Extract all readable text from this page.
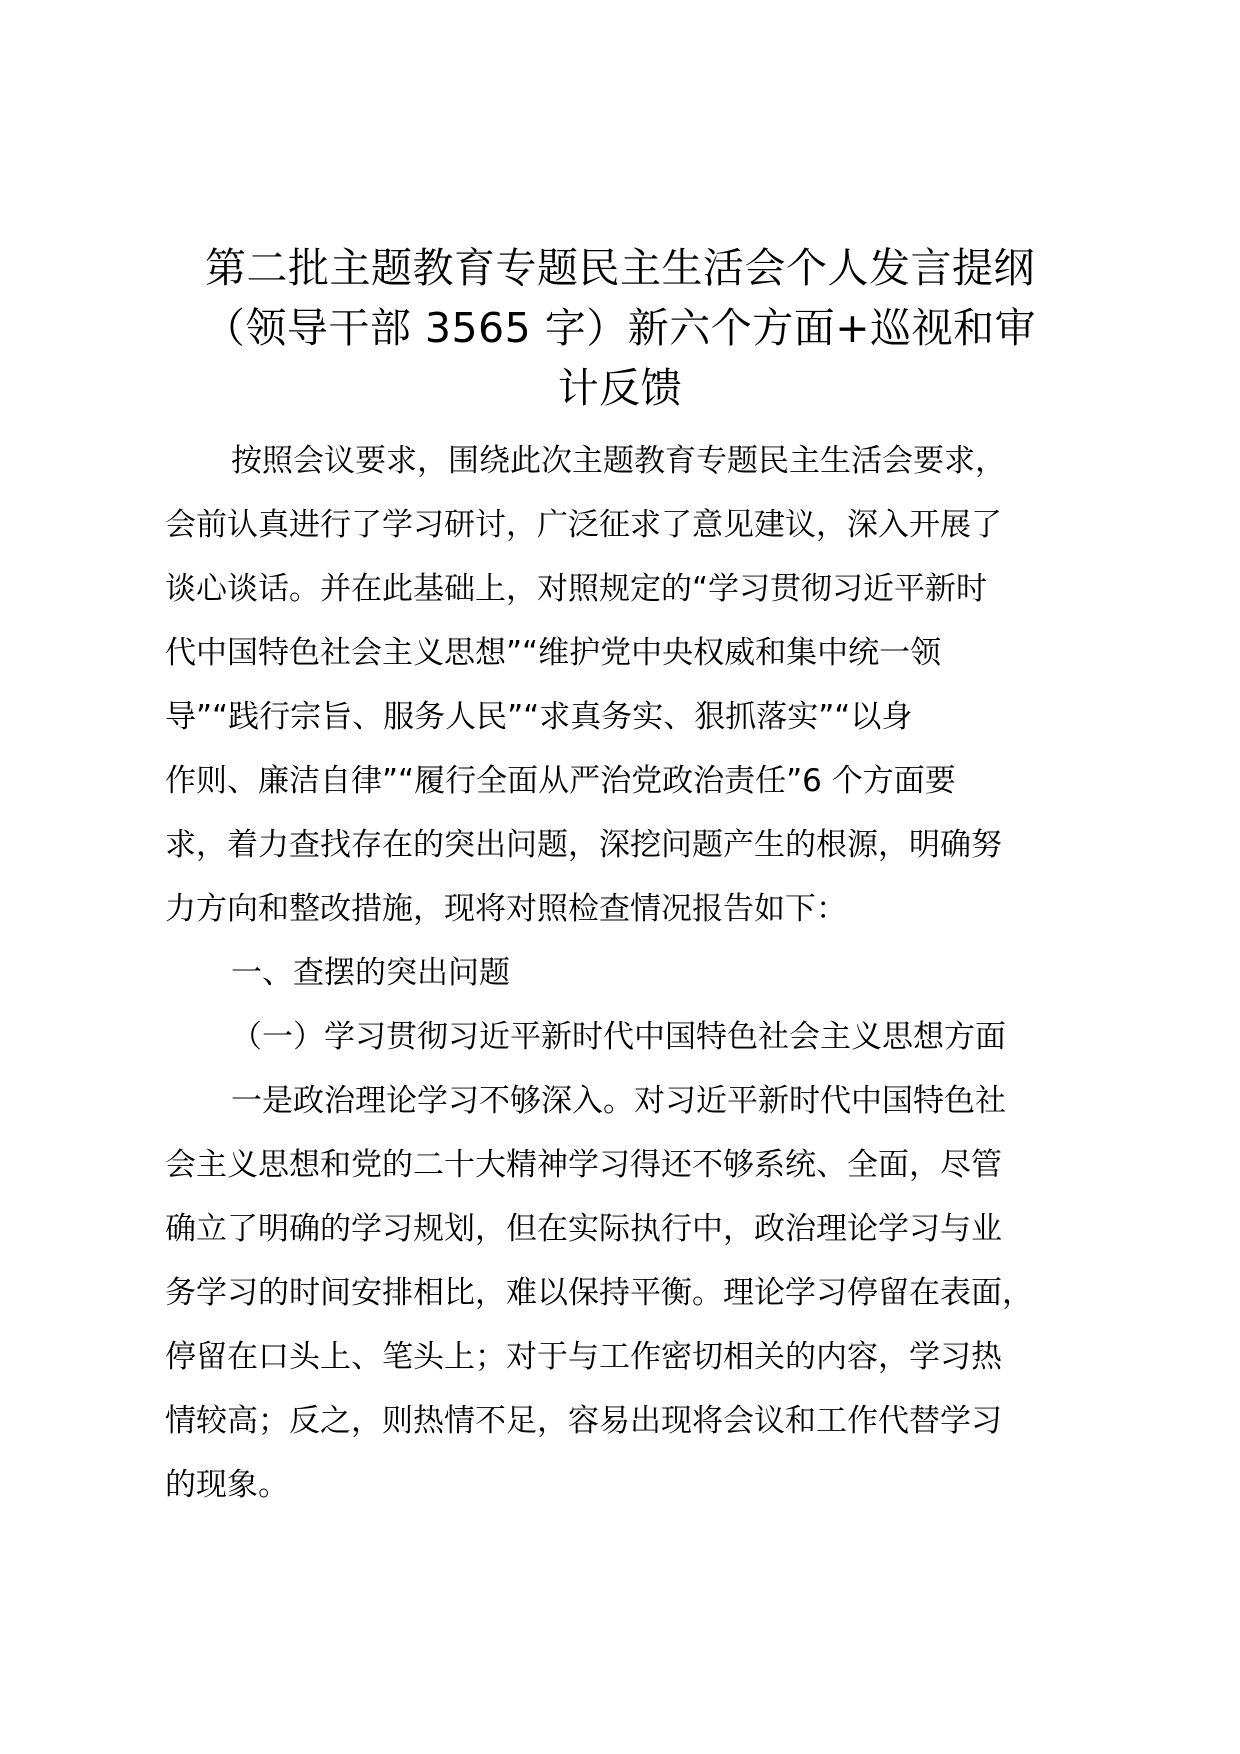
第二批主题教育专题民主生活会个人发言提纲
（领导干部 3565 字）新六个方面+巡视和审
计反馈
按照会议要求，围绕此次主题教育专题民主生活会要求，
会前认真进行了学习研讨，广泛征求了意见建议，深入开展了
谈心谈话。并在此基础上，对照规定的“学习贯彻习近平新时
代中国特色社会主义思想”“维护党中央权威和集中统一领
导”“践行宗旨、服务人民”“求真务实、狠抓落实”“以身
作则、廉洁自律”“履行全面从严治党政治责任”6 个方面要
求，着力查找存在的突出问题，深挖问题产生的根源，明确努
力方向和整改措施，现将对照检查情况报告如下：
一、查摆的突出问题
（一）学习贯彻习近平新时代中国特色社会主义思想方面
一是政治理论学习不够深入。对习近平新时代中国特色社
会主义思想和党的二十大精神学习得还不够系统、全面，尽管
确立了明确的学习规划，但在实际执行中，政治理论学习与业
务学习的时间安排相比，难以保持平衡。理论学习停留在表面，
停留在口头上、笔头上；对于与工作密切相关的内容，学习热
情较高；反之，则热情不足，容易出现将会议和工作代替学习
的现象。
